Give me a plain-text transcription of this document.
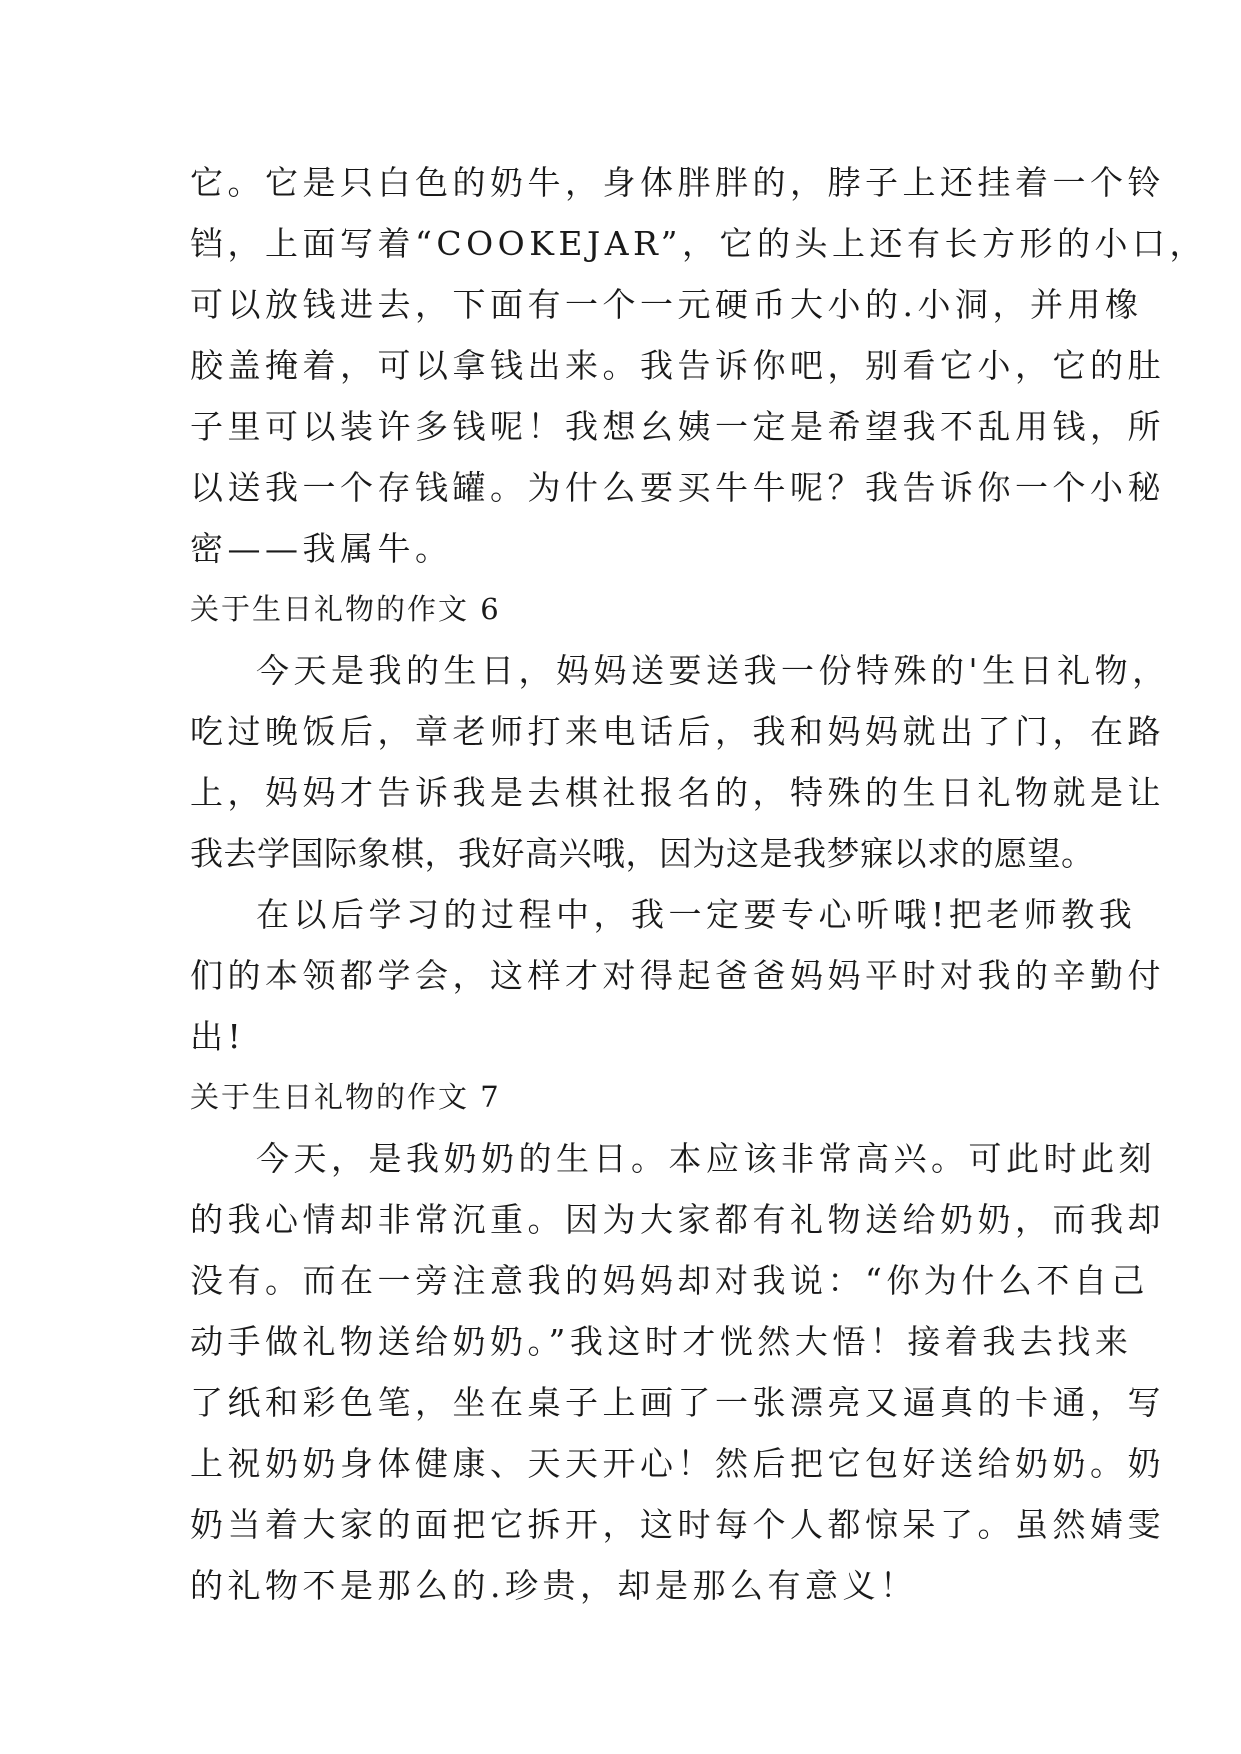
它。它是只白色的奶牛，身体胖胖的，脖子上还挂着一个铃
铛，上面写着“COOKEJAR”，它的头上还有长方形的小口，
可以放钱进去，下面有一个一元硬币大小的.小洞，并用橡
胶盖掩着，可以拿钱出来。我告诉你吧，别看它小，它的肚
子里可以装许多钱呢！我想幺姨一定是希望我不乱用钱，所
以送我一个存钱罐。为什么要买牛牛呢？我告诉你一个小秘
密——我属牛。
关于生日礼物的作文 6
今天是我的生日，妈妈送要送我一份特殊的'生日礼物，
吃过晚饭后，章老师打来电话后，我和妈妈就出了门，在路
上，妈妈才告诉我是去棋社报名的，特殊的生日礼物就是让
我去学国际象棋，我好高兴哦，因为这是我梦寐以求的愿望。
在以后学习的过程中，我一定要专心听哦!把老师教我
们的本领都学会，这样才对得起爸爸妈妈平时对我的辛勤付
出!
关于生日礼物的作文 7
今天，是我奶奶的生日。本应该非常高兴。可此时此刻
的我心情却非常沉重。因为大家都有礼物送给奶奶，而我却
没有。而在一旁注意我的妈妈却对我说：“你为什么不自己
动手做礼物送给奶奶。”我这时才恍然大悟！接着我去找来
了纸和彩色笔，坐在桌子上画了一张漂亮又逼真的卡通，写
上祝奶奶身体健康、天天开心！然后把它包好送给奶奶。奶
奶当着大家的面把它拆开，这时每个人都惊呆了。虽然婧雯
的礼物不是那么的.珍贵，却是那么有意义！
